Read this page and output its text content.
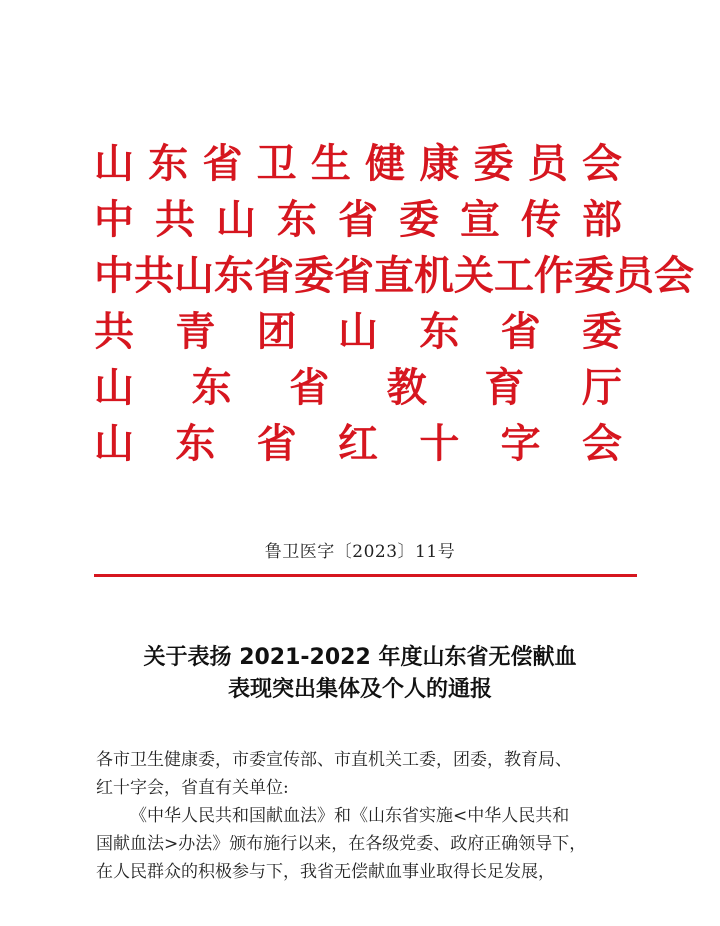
山 东 省 卫 生 健 康 委 员 会
中 共 山 东 省 委 宣 传 部
中 共 山 东 省 委 省 直 机 关 工 作 委 员 会
共 青 团 山 东 省 委
山 东 省 教 育 厅
山 东 省 红 十 字 会
鲁卫医字〔2023〕11号
关于表扬 2021-2022 年度山东省无偿献血
表现突出集体及个人的通报

各市卫生健康委，市委宣传部、市直机关工委，团委，教育局、

红十字会，省直有关单位:

《中华人民共和国献血法》和《山东省实施<中华人民共和

国献血法>办法》颁布施行以来，在各级党委、政府正确领导下，

在人民群众的积极参与下，我省无偿献血事业取得长足发展，
